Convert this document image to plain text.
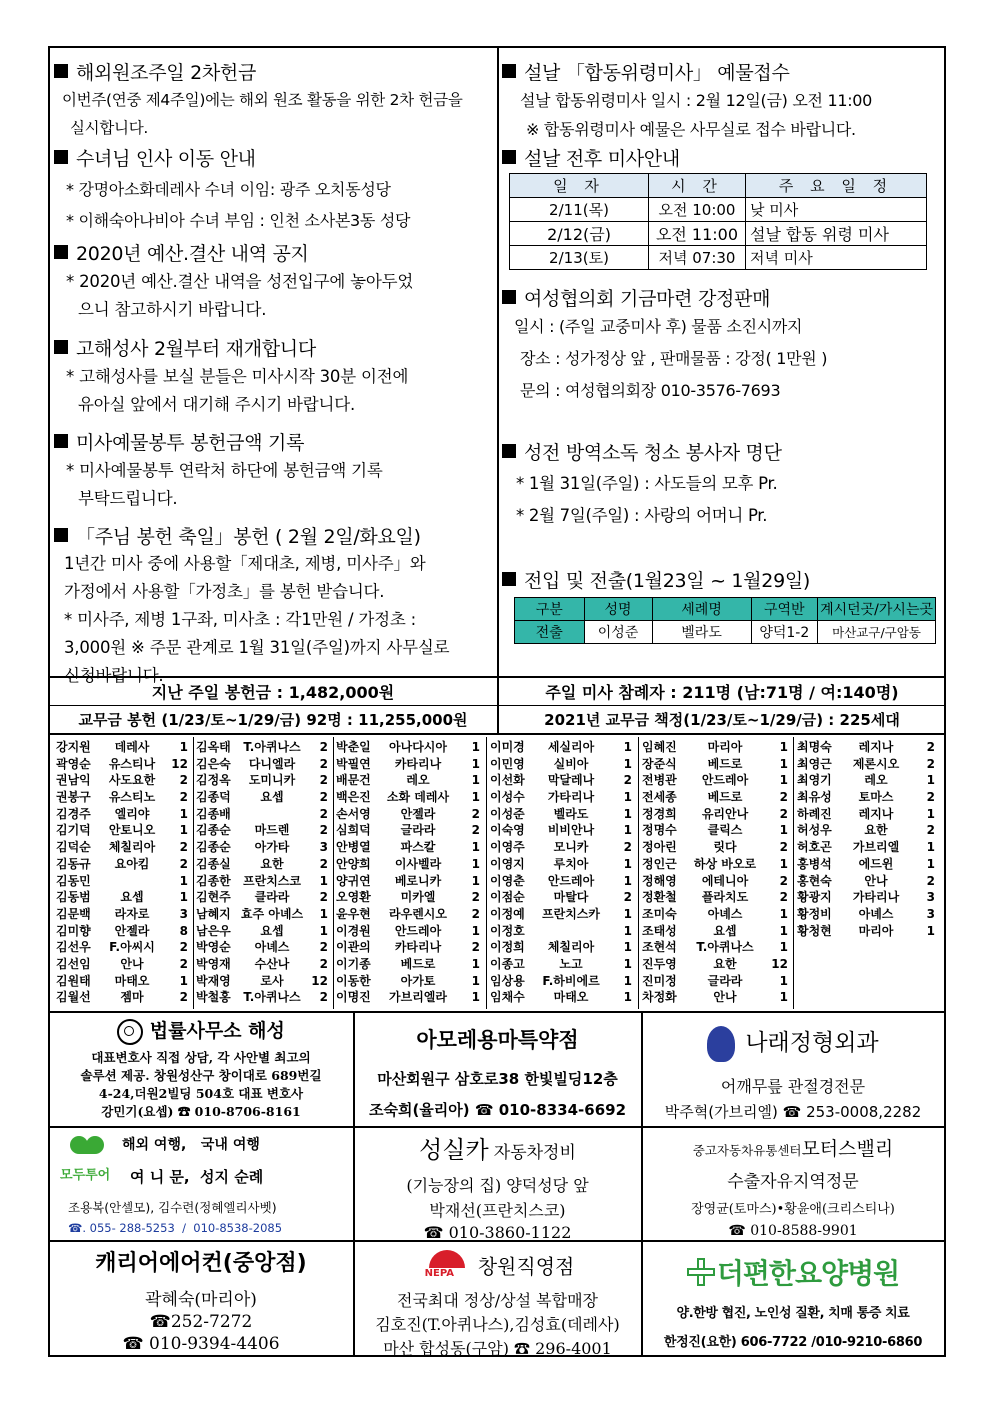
해외원조주일 2차헌금
이번주(연중 제4주일)에는 해외 원조 활동을 위한 2차 헌금을
실시합니다.
수녀님 인사 이동 안내
* 강명아소화데레사 수녀 이임: 광주 오치동성당
* 이해숙아나비아 수녀 부임 : 인천 소사본3동 성당
2020년 예산.결산 내역 공지
* 2020년 예산.결산 내역을 성전입구에 놓아두었
으니 참고하시기 바랍니다.
고해성사 2월부터 재개합니다
* 고해성사를 보실 분들은 미사시작 30분 이전에
유아실 앞에서 대기해 주시기 바랍니다.
미사예물봉투 봉헌금액 기록
* 미사예물봉투 연락처 하단에 봉헌금액 기록
부탁드립니다.
「주님 봉헌 축일」봉헌 ( 2월 2일/화요일)
1년간 미사 중에 사용할「제대초, 제병, 미사주」와
가정에서 사용할「가정초」를 봉헌 받습니다.
* 미사주, 제병 1구좌, 미사초 : 각1만원 / 가정초 :
3,000원 ※ 주문 관계로 1월 31일(주일)까지 사무실로
신청바랍니다.
설날 「합동위령미사」 예물접수
설날 합동위령미사 일시 : 2월 12일(금) 오전 11:00
※ 합동위령미사 예물은 사무실로 접수 바랍니다.
설날 전후 미사안내
일 자	시 간	주 요 일 정
2/11(목)	오전 10:00	낮 미사
2/12(금)	오전 11:00	설날 합동 위령 미사
2/13(토)	저녁 07:30	저녁 미사
여성협의회 기금마련 강정판매
일시 : (주일 교중미사 후) 물품 소진시까지
장소 : 성가정상 앞 , 판매물품 : 강정( 1만원 )
문의 : 여성협의회장 010-3576-7693
성전 방역소독 청소 봉사자 명단
* 1월 31일(주일) : 사도들의 모후 Pr.
* 2월 7일(주일) : 사랑의 어머니 Pr.
전입 및 전출(1월23일 ~ 1월29일)
구분	성명	세례명	구역반	계시던곳/가시는곳
전출	이성준	벨라도	양덕1-2	마산교구/구암동
지난 주일 봉헌금 : 1,482,000원	주일 미사 참례자 : 211명 (남:71명 / 여:140명)
교무금 봉헌 (1/23/토~1/29/금) 92명 : 11,255,000원	2021년 교무금 책정(1/23/토~1/29/금) : 225세대
강지원	데레사	1
곽영순	유스티나	12
권남익	사도요한	2
권봉구	유스티노	2
김경주	엘리야	1
김기덕	안토니오	1
김덕순	체칠리아	2
김동규	요아킴	2
김동민	1
김동범	요셉	1
김문백	라자로	3
김미향	안젤라	8
김선우	F.아씨시	2
김선임	안나	2
김원태	마태오	1
김월선	젬마	2
김옥태	T.아퀴나스	2
김은숙	다니엘라	2
김정옥	도미니카	2
김종덕	요셉	2
김종배	2
김종순	마드렌	2
김종순	아가타	3
김종실	요한	2
김종한	프란치스코	1
김현주	클라라	2
남혜지 효주 아녜스	1
남은우	요셉	1
박영순	아녜스	2
박영재	수산나	2
박재영	로사	12
박철홍	T.아퀴나스	2
박춘일	아나다시아	1
박필연	카타리나	1
배문건	레오	1
백은진	소화 데레사	1
손서영	안젤라	2
심희덕	글라라	2
안병열	파스칼	1
안양희	이사벨라	1
양귀연	베로니카	1
오영환	미카엘	2
윤우현	라우렌시오	2
이경원	안드레아	1
이관의	카타리나	2
이기종	베드로	1
이동한	아가토	1
이명진	가브리엘라	1
이미경	세실리아	1
이민영	실비아	1
이선화	막달레나	2
이성수	가타리나	1
이성준	벨라도	1
이숙영	비비안나	1
이영주	모니카	2
이영지	루치아	1
이영춘	안드레아	1
이점순	마탈다	2
이정예	프란치스카	1
이정호	1
이정희	체칠리아	1
이종고	노고	1
임상용	F.하비에르	1
임채수	마태오	1
임혜진	마리아	1
장준식	베드로	1
전병관	안드레아	1
전세종	베드로	2
정경희	유리안나	2
정명수	클릭스	1
정아린	릿다	2
정인근	하상 바오로	1
정해영	에테니아	2
정환철	플라치도	2
조미숙	아녜스	1
조태성	요셉	1
조현석	T.아퀴나스	1
진두영	요한	12
진미정	글라라	1
차정화	안나	1
최명숙	레지나	2
최영근	제론시오	2
최영기	레오	1
최유성	토마스	2
하례진	레지나	1
허성우	요한	2
허호곤	가브리엘	1
홍병석	에드윈	1
홍현숙	안나	2
황광지	가타리나	3
황정비	아녜스	3
황청현	마리아	1
법률사무소 해성
대표변호사 직접 상담, 각 사안별 최고의
솔루션 제공. 창원성산구 창이대로 689번길
4-24,더원2빌딩 504호 대표 변호사
강민기(요셉) ☎ 010-8706-8161
아모레용마특약점
마산회원구 삼호로38 한빛빌딩12층
조숙희(율리아) ☎ 010-8334-6692
나래정형외과
어깨무릎 관절경전문
박주혁(가브리엘) ☎ 253-0008,2282
모두투어
해외 여행,   국내 여행
여 니 문,  성지 순례
조용복(안셀모), 김수련(정혜엘리사벳)
☎. 055- 288-5253  /  010-8538-2085
성실카 자동차정비
(기능장의 집) 양덕성당 앞
박재선(프란치스코)
☎ 010-3860-1122
중고자동차유통센터모터스밸리
수출자유지역정문
장영균(토마스)•황윤애(크리스티나)
☎ 010-8588-9901
캐리어에어컨(중앙점)
곽혜숙(마리아)
☎252-7272
☎ 010-9394-4406
NEPA 창원직영점
전국최대 정상/상설 복합매장
김호진(T.아퀴나스),김성효(데레사)
마산 합성동(구암) ☎ 296-4001
더편한요양병원
양.한방 협진, 노인성 질환, 치매 통증 치료
한정진(요한) 606-7722 /010-9210-6860
